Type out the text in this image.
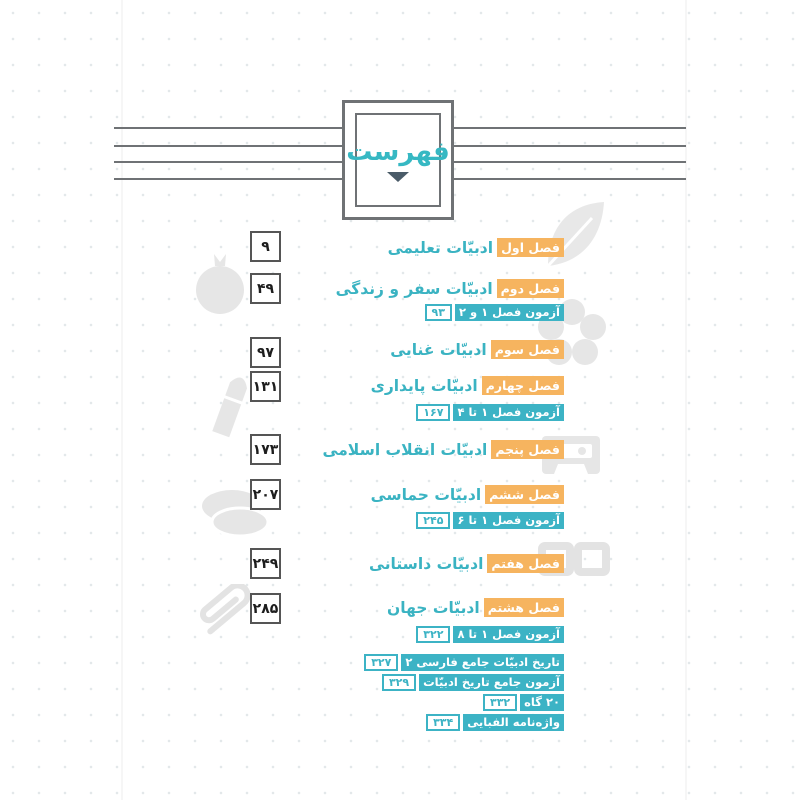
فهرست
۹
۴۹
۹۷
۱۳۱
۱۷۳
۲۰۷
۲۴۹
۲۸۵
فصل اول
ادبیّات تعلیمی
فصل دوم
ادبیّات سفر و زندگی
فصل سوم
ادبیّات غنایی
فصل چهارم
ادبیّات پایداری
فصل پنجم
ادبیّات انقلاب اسلامی
فصل ششم
ادبیّات حماسی
فصل هفتم
ادبیّات داستانی
فصل هشتم
ادبیّات جهان
آزمون فصل ۱ و ۲
۹۳
آزمون فصل ۱ تا ۴
۱۶۷
آزمون فصل ۱ تا ۶
۲۴۵
آزمون فصل ۱ تا ۸
۳۲۲
تاریخ ادبیّات جامع فارسی ۲
۳۲۷
آزمون جامع تاریخ ادبیّات
۳۲۹
۲۰ گاه
۳۳۲
واژه‌نامه الفبایی
۳۳۴
